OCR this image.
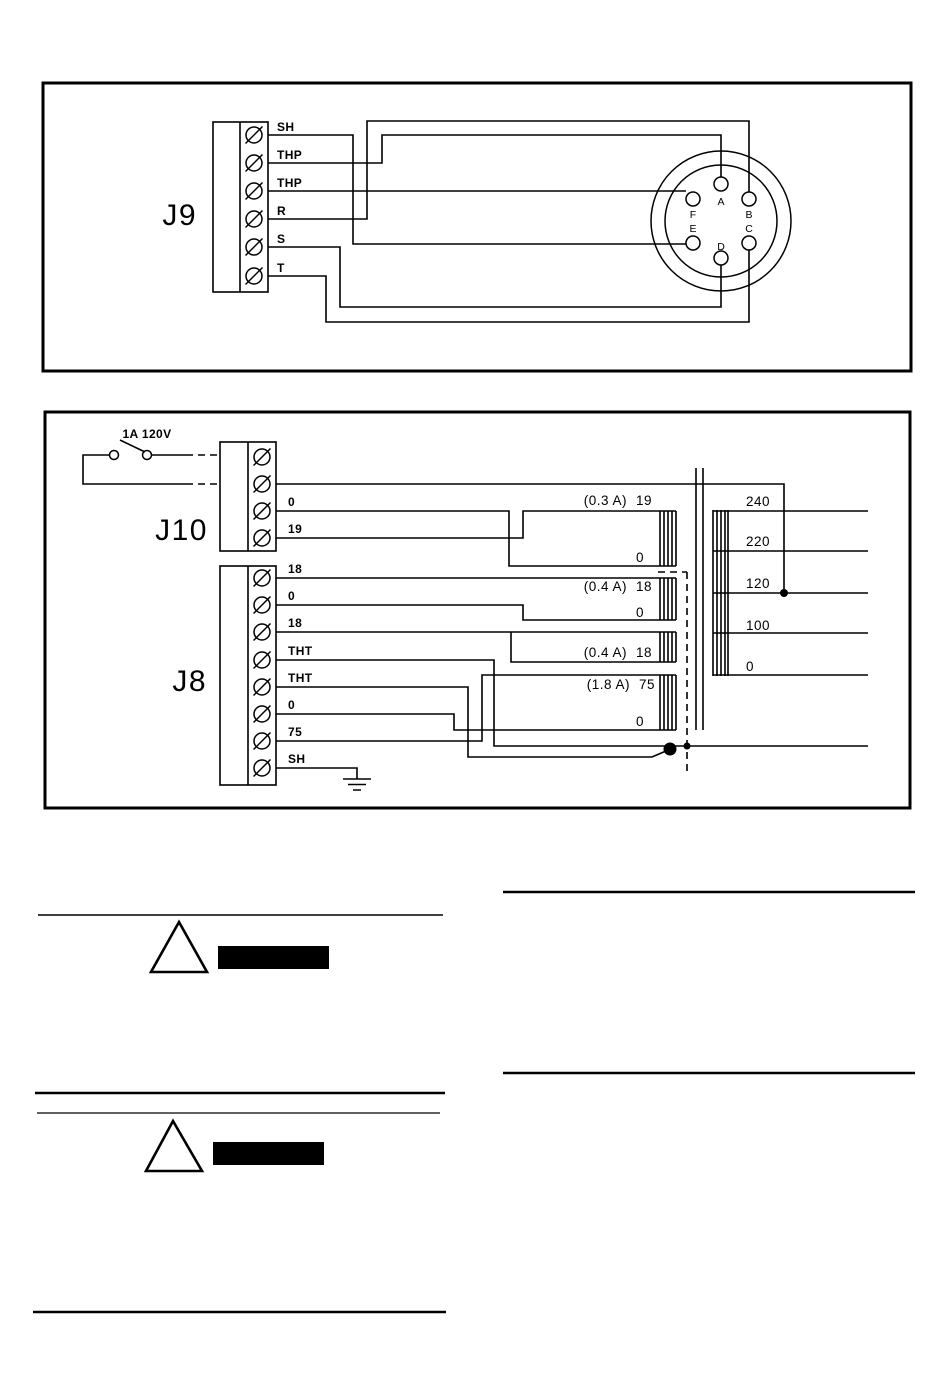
J9
SH
THP
THP
R
S
T
A
B
C
D
E
F
1A 120V
J10
0
19
J8
18
0
18
THT
THT
0
75
SH
(0.3 A) 19
0
(0.4 A) 18
0
(0.4 A) 18
(1.8 A) 75
0
240
220
120
100
0
